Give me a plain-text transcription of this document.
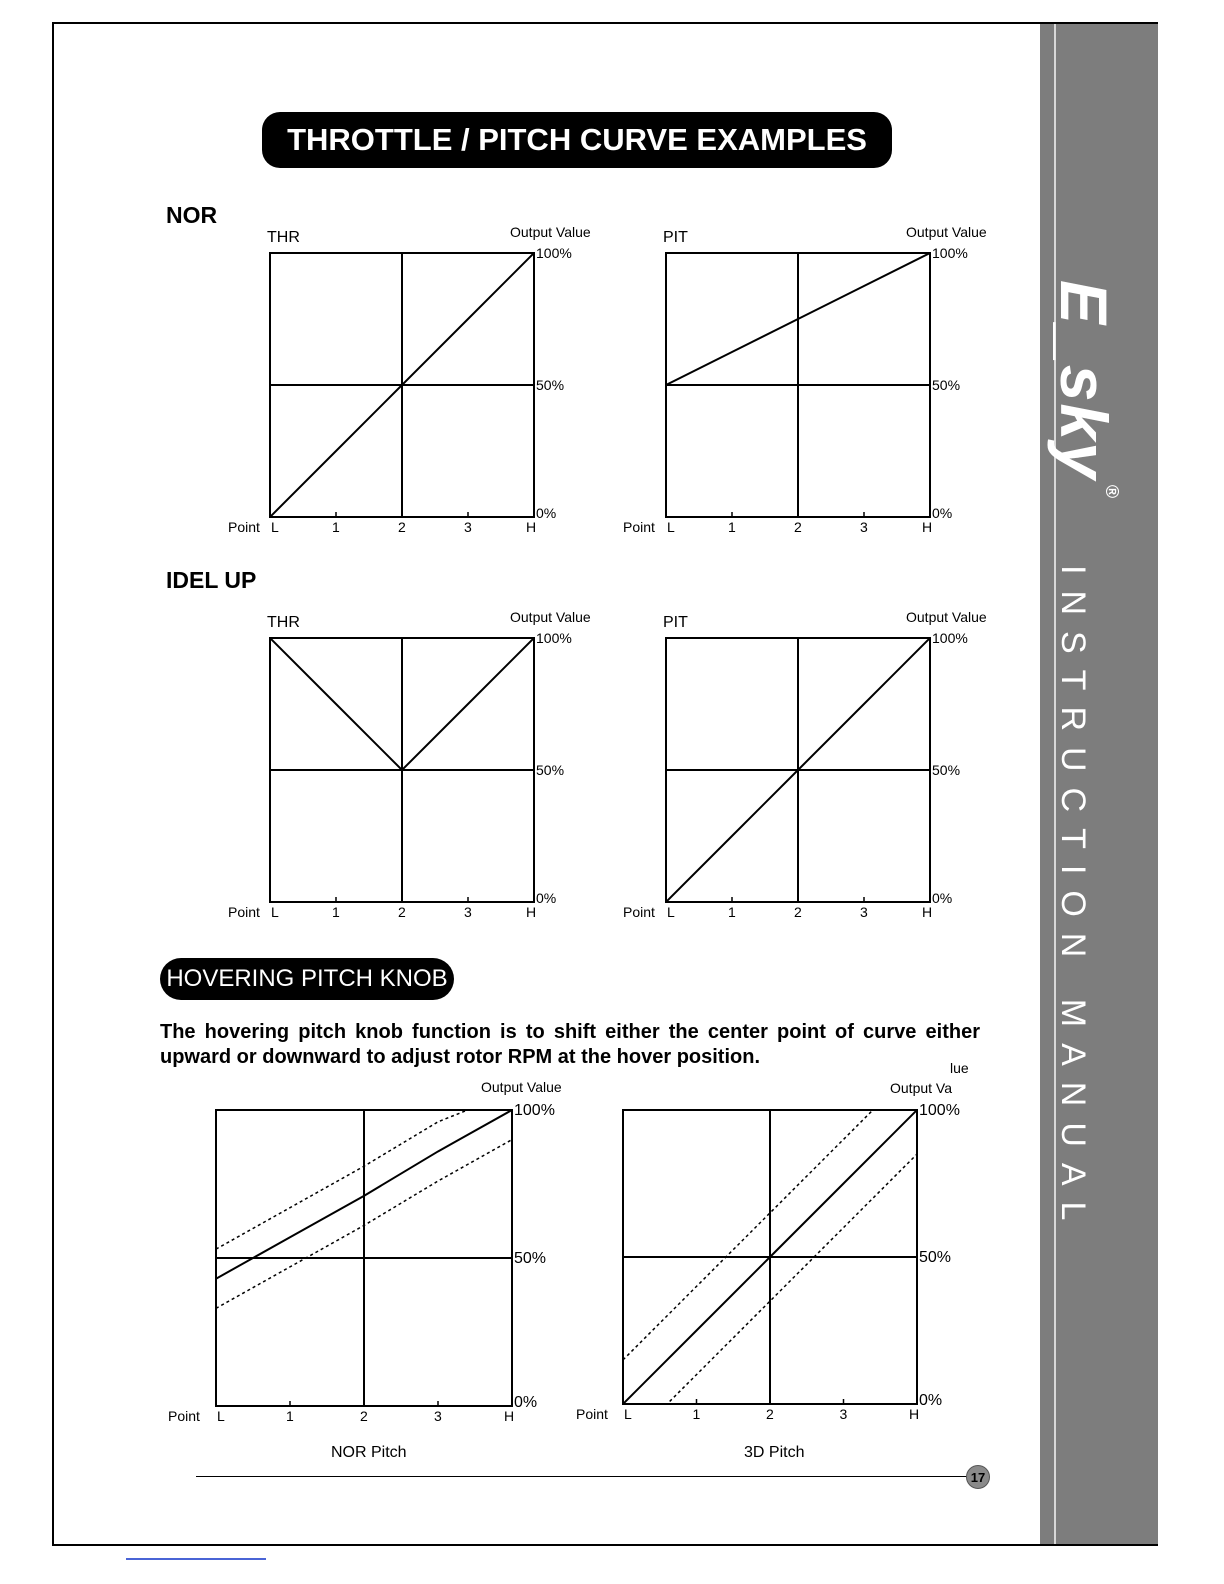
E_sky®
INSTRUCTION MANUAL
THROTTLE / PITCH CURVE EXAMPLES
NOR
IDEL UP
HOVERING PITCH KNOB
The hovering pitch knob function is to shift either the center point of curve either upward or downward to adjust rotor RPM at the hover position.	lue
L	1	2	3	H
100%
50%
0%
Output Value
Point
THR
L	1	2	3	H
100%
50%
0%
Output Value
Point
PIT
L	1	2	3	H
100%
50%
0%
Output Value
Point
THR
L	1	2	3	H
100%
50%
0%
Output Value
Point
PIT
L	1	2	3	H
100%
50%
0%
Output Value
Point
NOR Pitch
L	1	2	3	H
100%
50%
0%
Output Va
Point
3D Pitch
17
